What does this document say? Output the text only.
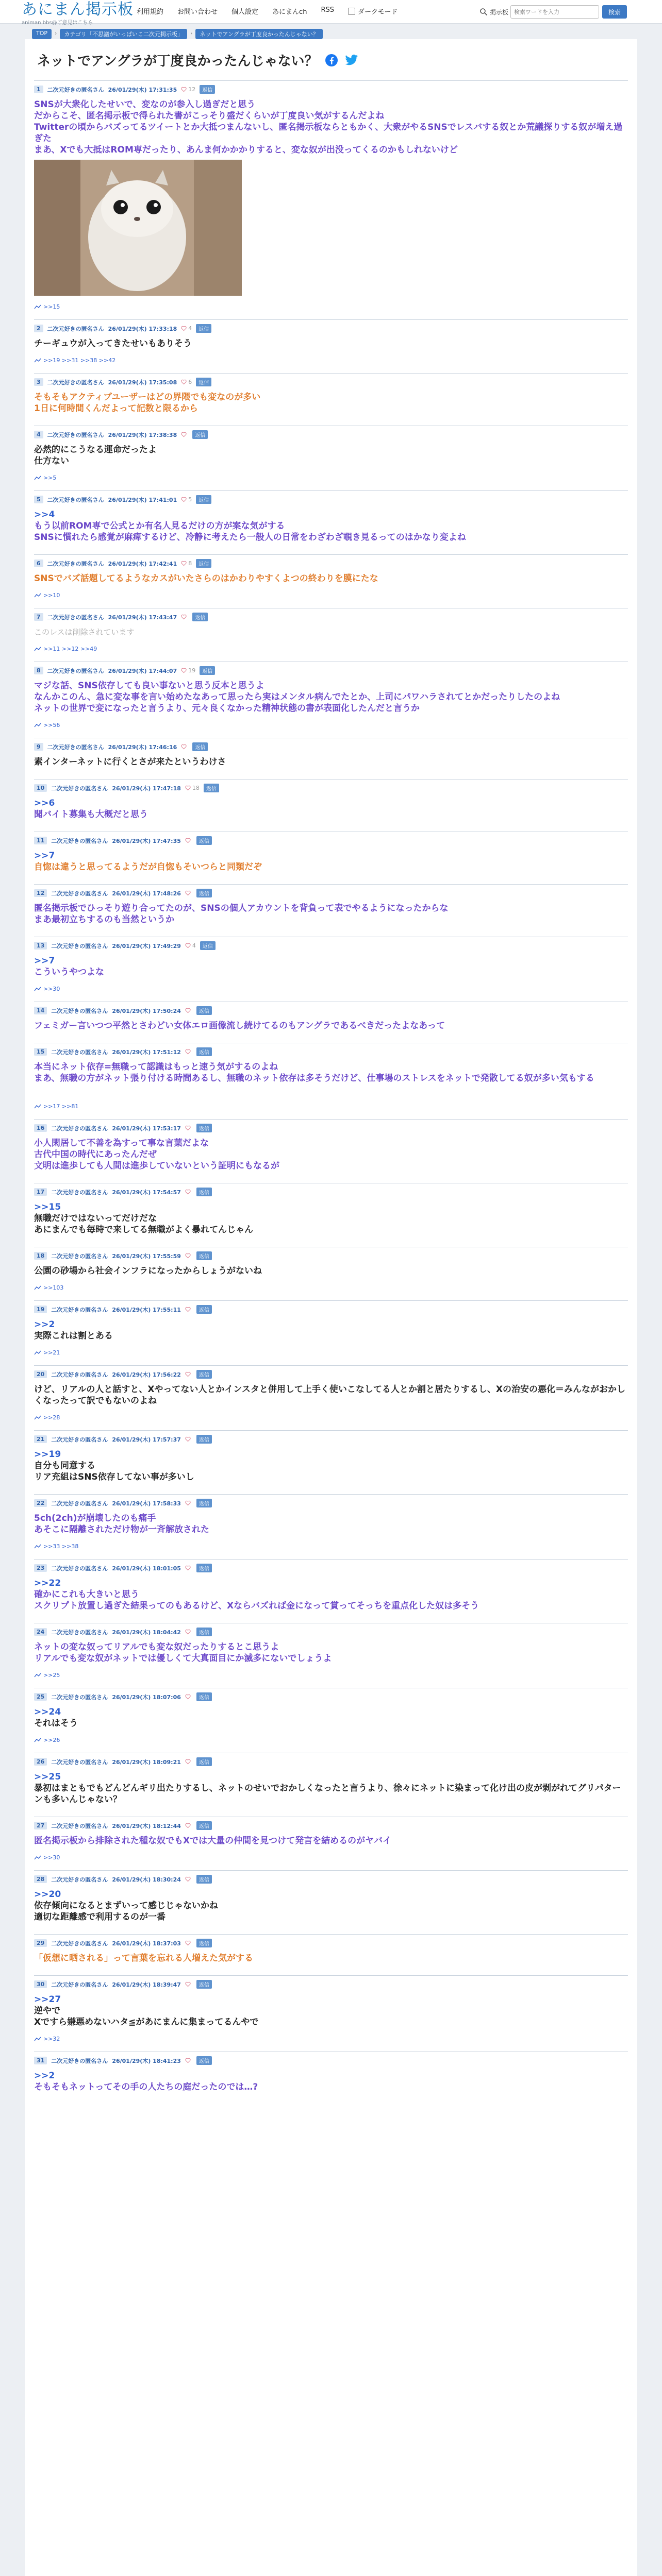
あにまん掲示板
animan bbs@ご意見はこちら
利用規約 お問い合わせ 個人設定 あにまんch RSS	ダークモード	掲示板
検索ワードを入力	検索
TOP	›	カテゴリ「不思議がいっぱいこ二次元掲示板」	›	ネットでアングラが丁度良かったんじゃない？
ネットでアングラが丁度良かったんじゃない？
1	二次元好きの匿名さん 26/01/29(木) 17:31:35 12	返信
SNSが大衆化したせいで、変なのが参入し過ぎだと思う
だからこそ、匿名掲示板で得られた書がこっそり盛だくらいが丁度良い気がするんだよね
Twitterの頃からバズってるツイートとか大抵つまんないし、匿名掲示板ならともかく、大衆がやるSNSでレスバする奴とか荒議探りする奴が増え過ぎた
まあ、Xでも大抵はROM専だったり、あんま何かかかりすると、変な奴が出没ってくるのかもしれないけど
>>15
2	二次元好きの匿名さん 26/01/29(木) 17:33:18 4	返信
チーギュウが入ってきたせいもありそう
>>19 >>31 >>38 >>42
3	二次元好きの匿名さん 26/01/29(木) 17:35:08 6	返信
そもそもアクティブユーザーはどの界隈でも変なのが多い
1日に何時間くんだよって記数と限るから
4	二次元好きの匿名さん 26/01/29(木) 17:38:38	返信
必然的にこうなる運命だったよ
仕方ない
>>5
5	二次元好きの匿名さん 26/01/29(木) 17:41:01 5	返信
>>4
もう以前ROM専で公式とか有名人見るだけの方が案な気がする
SNSに慣れたら感覚が麻痺するけど、冷静に考えたら一般人の日常をわざわざ覗き見るってのはかなり変よね
6	二次元好きの匿名さん 26/01/29(木) 17:42:41 8	返信
SNSでバズ話題してるようなカスがいたさらのはかわりやすくよつの終わりを膜にたな
>>10
7	二次元好きの匿名さん 26/01/29(木) 17:43:47	返信
このレスは削除されています
>>11 >>12 >>49
8	二次元好きの匿名さん 26/01/29(木) 17:44:07 19	返信
マジな話、SNS依存しても良い事ないと思う反本と思うよ
なんかこのん、急に変な事を言い始めたなあって思ったら実はメンタル病んでたとか、上司にパワハラされてとかだったりしたのよね
ネットの世界で変になったと言うより、元々良くなかった精神状態の書が表面化したんだと言うか
>>56
9	二次元好きの匿名さん 26/01/29(木) 17:46:16	返信
素インターネットに行くとさが来たというわけさ
10	二次元好きの匿名さん 26/01/29(木) 17:47:18 18	返信
>>6
聞バイト募集も大概だと思う
11	二次元好きの匿名さん 26/01/29(木) 17:47:35	返信
>>7
自惚は違うと思ってるようだが自惚もそいつらと同類だぞ
12	二次元好きの匿名さん 26/01/29(木) 17:48:26	返信
匿名掲示板でひっそり遊り合ってたのが、SNSの個人アカウントを背負って表でやるようになったからな
まあ最初立ちするのも当然というか
13	二次元好きの匿名さん 26/01/29(木) 17:49:29 4	返信
>>7
こういうやつよな
>>30
14	二次元好きの匿名さん 26/01/29(木) 17:50:24	返信
フェミガー言いつつ平然とさわどい女体エロ画像流し続けてるのもアングラであるべきだったよなあって
15	二次元好きの匿名さん 26/01/29(木) 17:51:12	返信
本当にネット依存=無職って認識はもっと速う気がするのよね
まあ、無職の方がネット張り付ける時間あるし、無職のネット依存は多そうだけど、仕事場のストレスをネットで発散してる奴が多い気もする
>>17 >>81
16	二次元好きの匿名さん 26/01/29(木) 17:53:17	返信
小人閑居して不善を為すって事な言葉だよな
古代中国の時代にあったんだぜ
文明は進歩しても人間は進歩していないという証明にもなるが
17	二次元好きの匿名さん 26/01/29(木) 17:54:57	返信
>>15
無職だけではないってだけだな
あにまんでも毎時で来してる無職がよく暴れてんじゃん
18	二次元好きの匿名さん 26/01/29(木) 17:55:59	返信
公園の砂場から社会インフラになったからしょうがないね
>>103
19	二次元好きの匿名さん 26/01/29(木) 17:55:11	返信
>>2
実際これは割とある
>>21
20	二次元好きの匿名さん 26/01/29(木) 17:56:22	返信
けど、リアルの人と話すと、Xやってない人とかインスタと併用して上手く使いこなしてる人とか割と居たりするし、Xの治安の悪化＝みんながおかしくなったって訳でもないのよね
>>28
21	二次元好きの匿名さん 26/01/29(木) 17:57:37	返信
>>19
自分も同意する
リア充組はSNS依存してない事が多いし
22	二次元好きの匿名さん 26/01/29(木) 17:58:33	返信
5ch(2ch)が崩壊したのも痛手
あそこに隔離されただけ物が一斉解放された
>>33 >>38
23	二次元好きの匿名さん 26/01/29(木) 18:01:05	返信
>>22
確かにこれも大きいと思う
スクリプト放置し過ぎた結果ってのもあるけど、Xならバズれば金になって賞ってそっちを重点化した奴は多そう
24	二次元好きの匿名さん 26/01/29(木) 18:04:42	返信
ネットの変な奴ってリアルでも変な奴だったりするとこ思うよ
リアルでも変な奴がネットでは優しくて大真面目にか滅多にないでしょうよ
>>25
25	二次元好きの匿名さん 26/01/29(木) 18:07:06	返信
>>24
それはそう
>>26
26	二次元好きの匿名さん 26/01/29(木) 18:09:21	返信
>>25
暴初はまともでもどんどんギリ出たりするし、ネットのせいでおかしくなったと言うより、徐々にネットに染まって化け出の皮が剥がれてグリパターンも多いんじゃない？
27	二次元好きの匿名さん 26/01/29(木) 18:12:44	返信
匿名掲示板から排除された種な奴でもXでは大量の仲間を見つけて発言を結めるのがヤバイ
>>30
28	二次元好きの匿名さん 26/01/29(木) 18:30:24	返信
>>20
依存傾向になるとまずいって感じじゃないかね
適切な距離感で利用するのが一番
29	二次元好きの匿名さん 26/01/29(木) 18:37:03	返信
「仮想に晒される」って言葉を忘れる人増えた気がする
30	二次元好きの匿名さん 26/01/29(木) 18:39:47	返信
>>27
逆やで
Xですら嫌悪めないハタ≦があにまんに集まってるんやで
>>32
31	二次元好きの匿名さん 26/01/29(木) 18:41:23	返信
>>2
そもそもネットってその手の人たちの庭だったのでは…?
